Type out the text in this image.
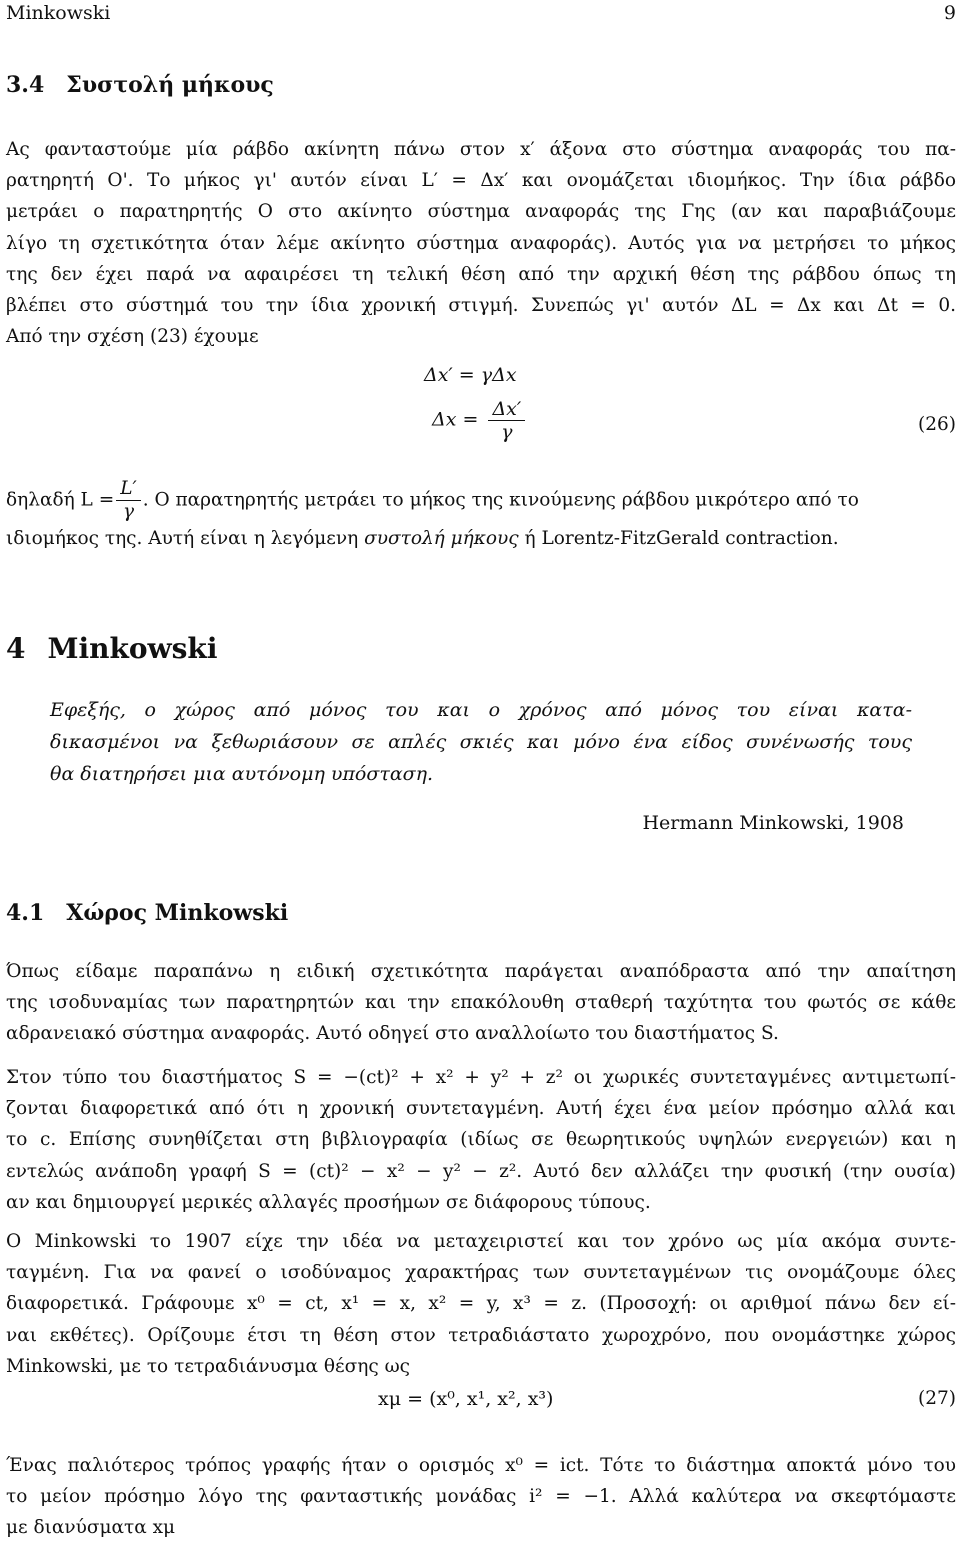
Minkowski	9
3.4 Συστολή μήκους
Ας φανταστούμε μία ράβδο ακίνητη πάνω στον x′ άξονα στο σύστημα αναφοράς του πα-
ρατηρητή O'. Το μήκος γι' αυτόν είναι L′ = Δx′ και ονομάζεται ιδιομήκος. Την ίδια ράβδο
μετράει ο παρατηρητής O στο ακίνητο σύστημα αναφοράς της Γης (αν και παραβιάζουμε
λίγο τη σχετικότητα όταν λέμε ακίνητο σύστημα αναφοράς). Αυτός για να μετρήσει το μήκος
της δεν έχει παρά να αφαιρέσει τη τελική θέση από την αρχική θέση της ράβδου όπως τη
βλέπει στο σύστημά του την ίδια χρονική στιγμή. Συνεπώς γι' αυτόν ΔL = Δx και Δt = 0.
Από την σχέση (23) έχουμε
Δx′ = γΔx
$\Delta x = \frac{\Delta x'}{\gamma}$	(26)
δηλαδή $L = \frac{L'}{\gamma}$ . O παρατηρητής μετράει το μήκος της κινούμενης ράβδου μικρότερο από το
ιδιομήκος της. Αυτή είναι η λεγόμενη συστολή μήκους ή Lorentz-FitzGerald contraction.
4 Minkowski
Εφεξής, ο χώρος από μόνος του και ο χρόνος από μόνος του είναι κατα-
δικασμένοι να ξεθωριάσουν σε απλές σκιές και μόνο ένα είδος συνένωσής τους
θα διατηρήσει μια αυτόνομη υπόσταση.
Hermann Minkowski, 1908
4.1 Χώρος Minkowski
Όπως είδαμε παραπάνω η ειδική σχετικότητα παράγεται αναπόδραστα από την απαίτηση
της ισοδυναμίας των παρατηρητών και την επακόλουθη σταθερή ταχύτητα του φωτός σε κάθε
αδρανειακό σύστημα αναφοράς. Αυτό οδηγεί στο αναλλοίωτο του διαστήματος S.
Στον τύπο του διαστήματος S = −(ct)² + x² + y² + z² οι χωρικές συντεταγμένες αντιμετωπί-
ζονται διαφορετικά από ότι η χρονική συντεταγμένη. Αυτή έχει ένα μείον πρόσημο αλλά και
το c. Επίσης συνηθίζεται στη βιβλιογραφία (ιδίως σε θεωρητικούς υψηλών ενεργειών) και η
εντελώς ανάποδη γραφή S = (ct)² − x² − y² − z². Αυτό δεν αλλάζει την φυσική (την ουσία)
αν και δημιουργεί μερικές αλλαγές προσήμων σε διάφορους τύπους.
O Minkowski το 1907 είχε την ιδέα να μεταχειριστεί και τον χρόνο ως μία ακόμα συντε-
ταγμένη. Για να φανεί ο ισοδύναμος χαρακτήρας των συντεταγμένων τις ονομάζουμε όλες
διαφορετικά. Γράφουμε x⁰ = ct, x¹ = x, x² = y, x³ = z. (Προσοχή: οι αριθμοί πάνω δεν εί-
ναι εκθέτες). Ορίζουμε έτσι τη θέση στον τετραδιάστατο χωροχρόνο, που ονομάστηκε χώρος
Minkowski, με το τετραδιάνυσμα θέσης ως
xμ = (x⁰, x¹, x², x³)	(27)
Ένας παλιότερος τρόπος γραφής ήταν ο ορισμός x⁰ = ict. Τότε το διάστημα αποκτά μόνο του
το μείον πρόσημο λόγο της φανταστικής μονάδας i² = −1. Αλλά καλύτερα να σκεφτόμαστε
με διανύσματα xμ
